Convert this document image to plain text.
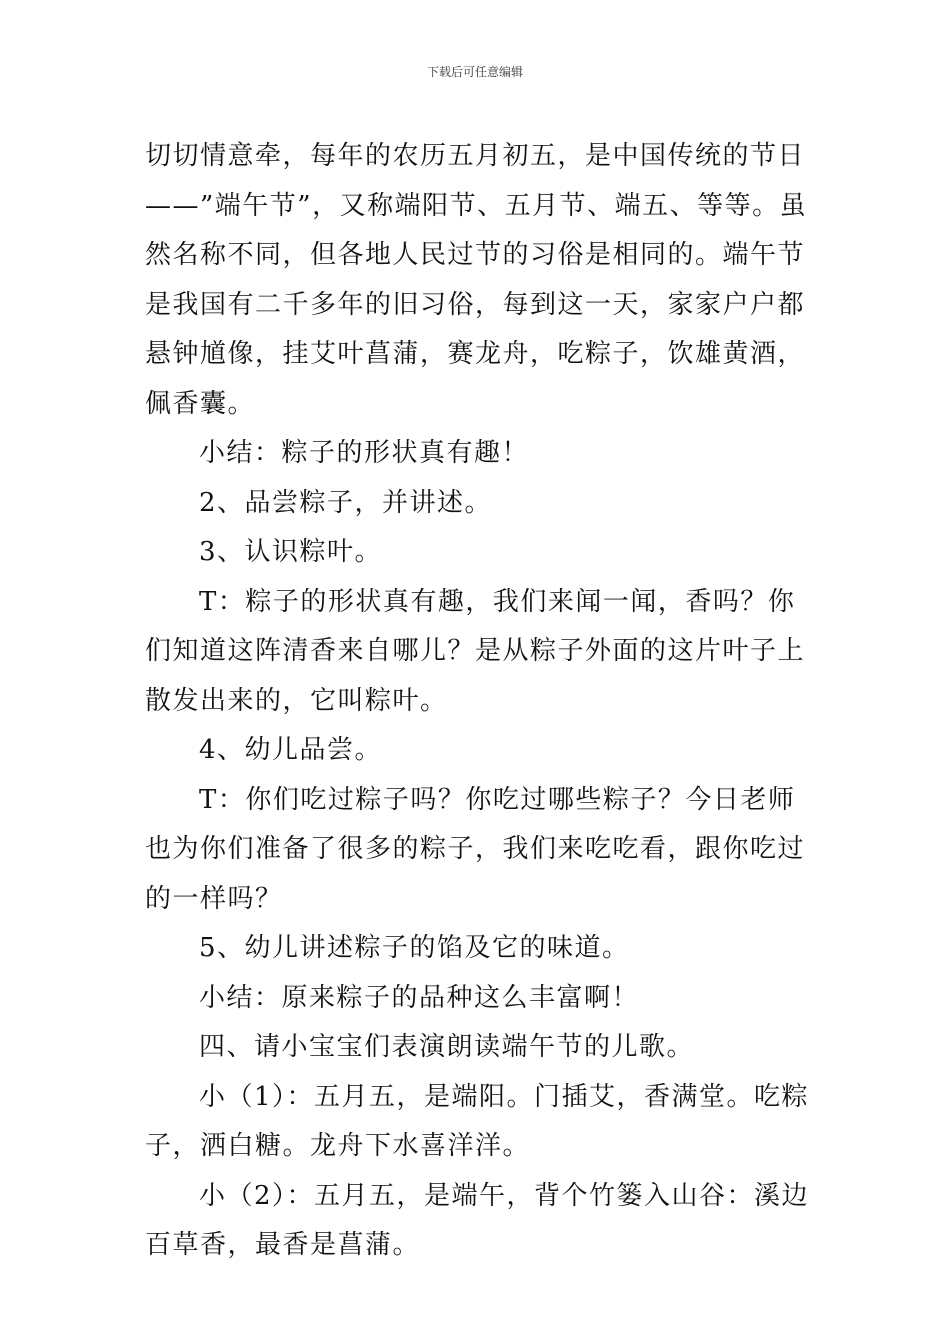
下载后可任意编辑

切切情意牵，每年的农历五月初五，是中国传统的节日——”端午节”，又称端阳节、五月节、端五、等等。虽然名称不同，但各地人民过节的习俗是相同的。端午节是我国有二千多年的旧习俗，每到这一天，家家户户都悬钟馗像，挂艾叶菖蒲，赛龙舟，吃粽子，饮雄黄酒，佩香囊。

小结：粽子的形状真有趣！

2、品尝粽子，并讲述。

3、认识粽叶。

T：粽子的形状真有趣，我们来闻一闻，香吗？你们知道这阵清香来自哪儿？是从粽子外面的这片叶子上散发出来的，它叫粽叶。

4、幼儿品尝。

T：你们吃过粽子吗？你吃过哪些粽子？今日老师也为你们准备了很多的粽子，我们来吃吃看，跟你吃过的一样吗？

5、幼儿讲述粽子的馅及它的味道。

小结：原来粽子的品种这么丰富啊！

四、请小宝宝们表演朗读端午节的儿歌。

小（1）：五月五，是端阳。门插艾，香满堂。吃粽子，洒白糖。龙舟下水喜洋洋。

小（2）：五月五，是端午，背个竹篓入山谷：溪边百草香，最香是菖蒲。
